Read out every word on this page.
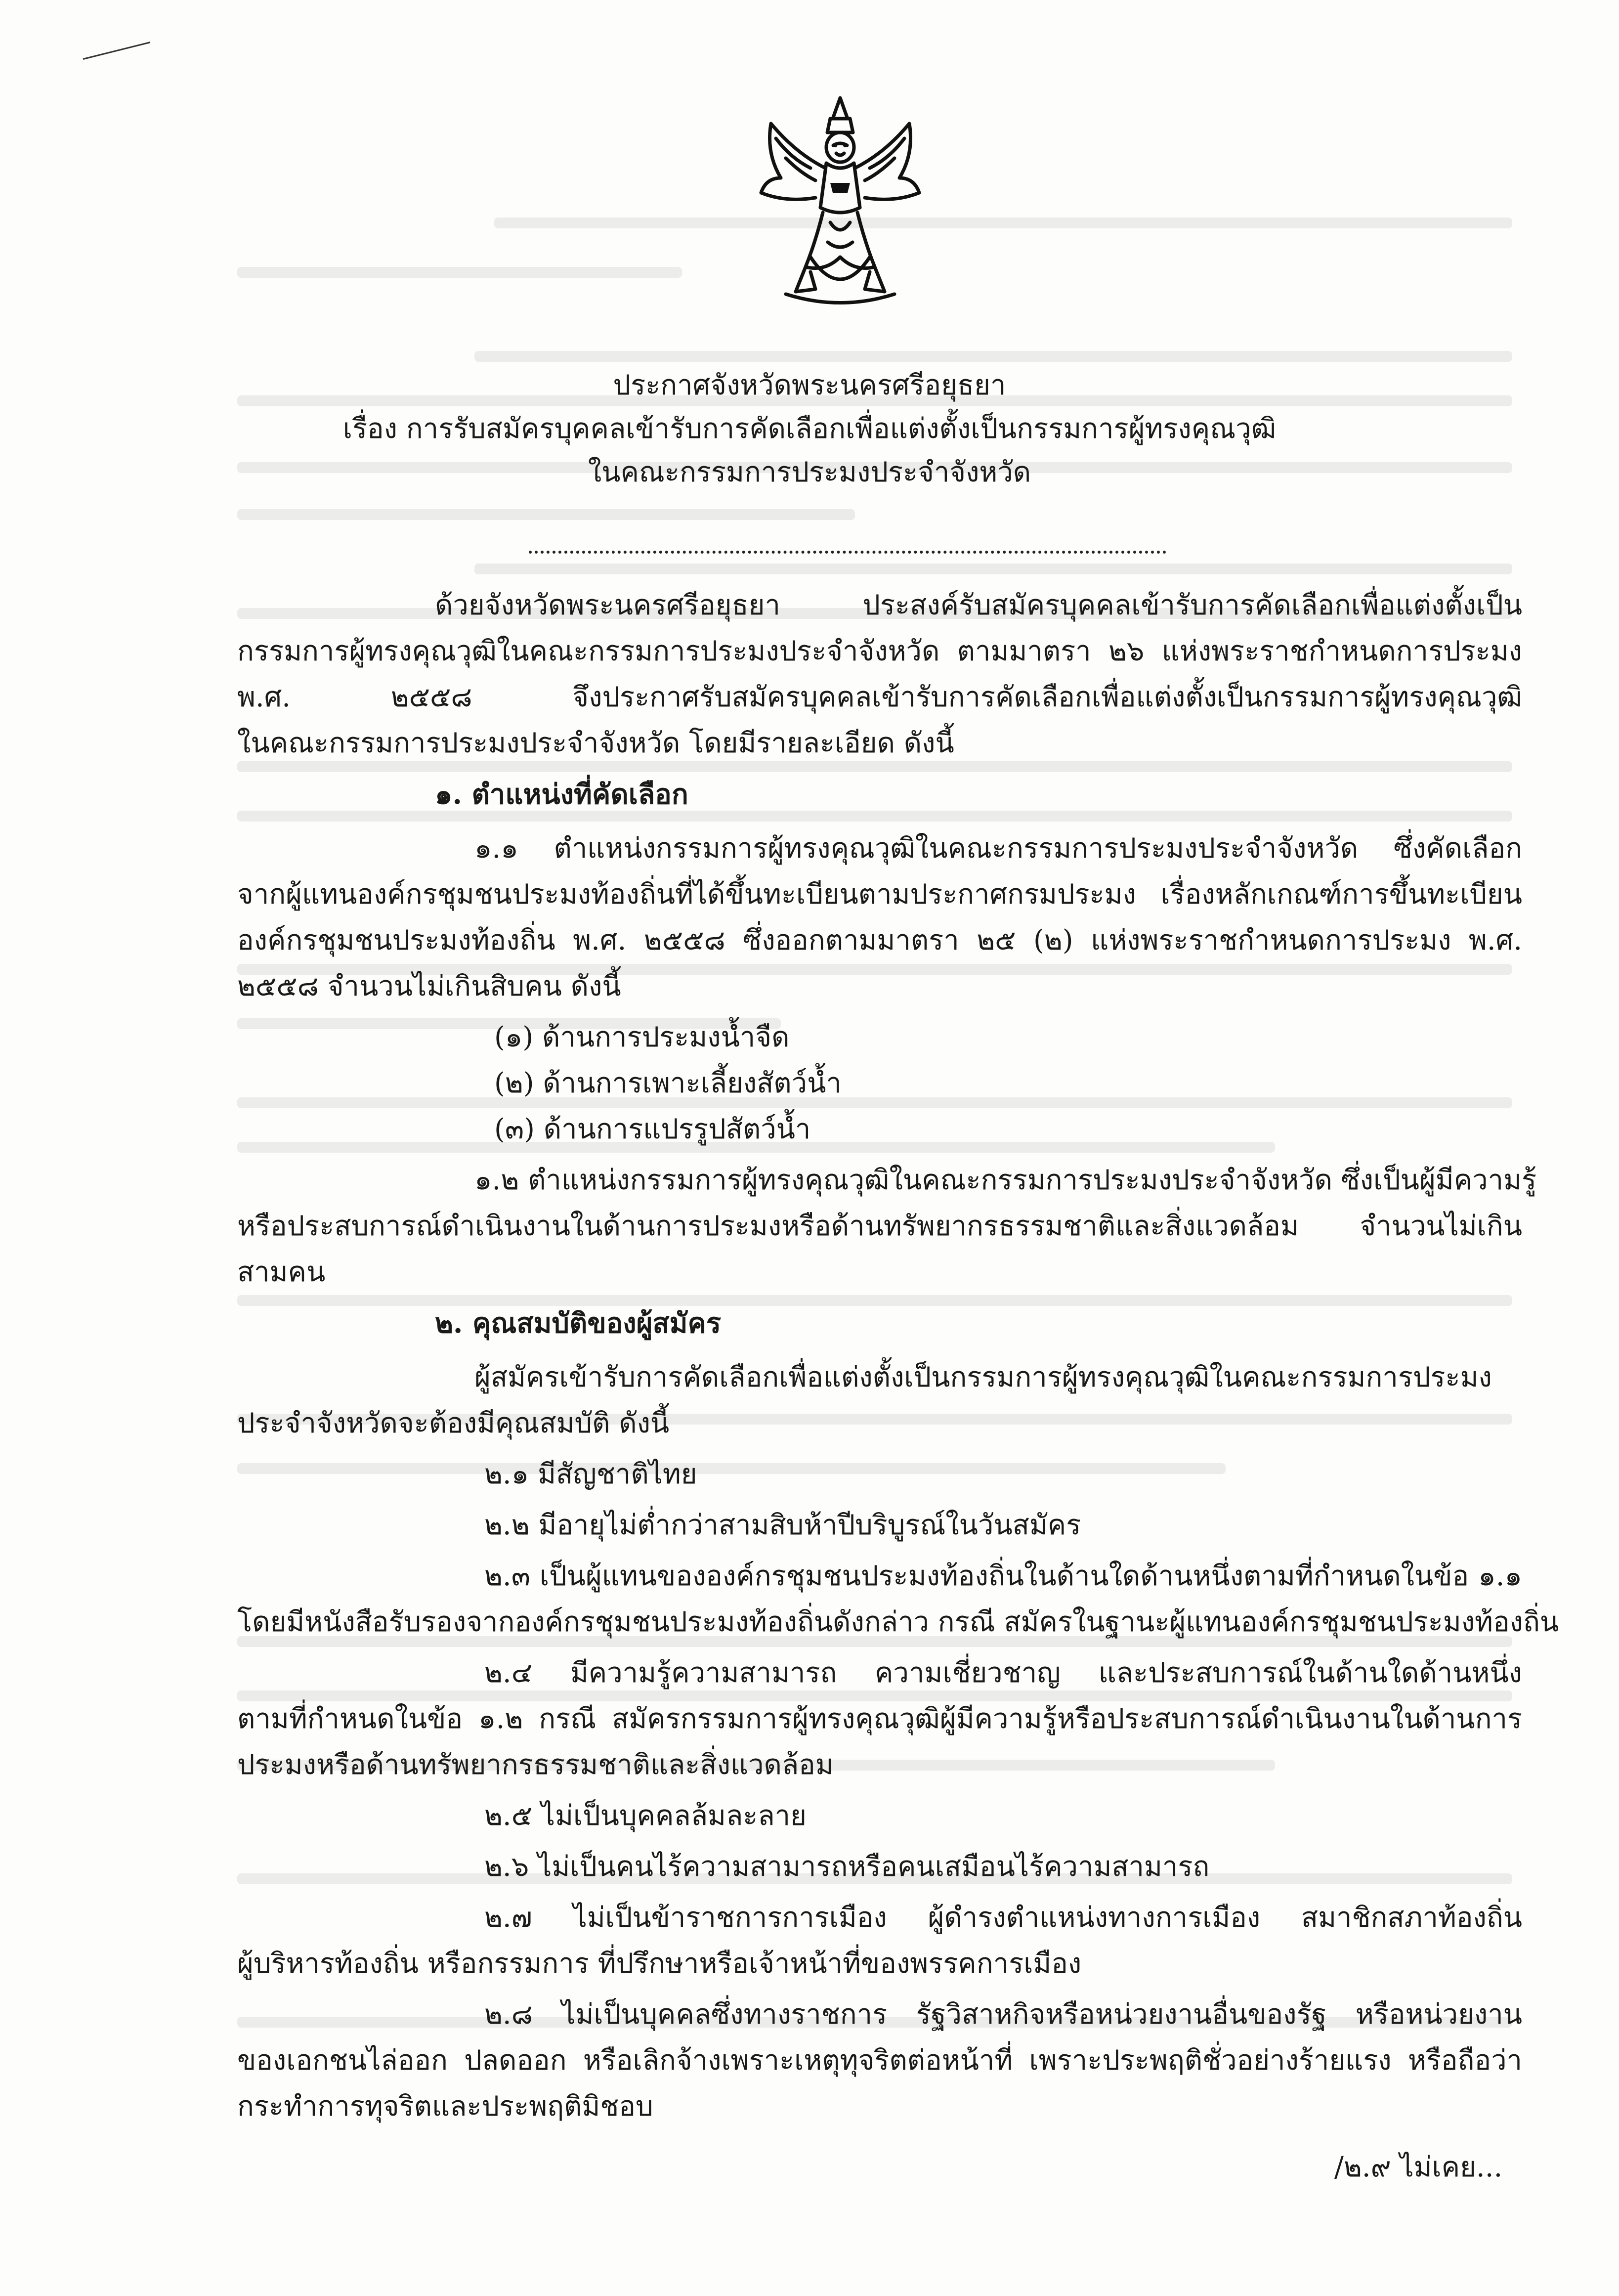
ประกาศจังหวัดพระนครศรีอยุธยา
เรื่อง การรับสมัครบุคคลเข้ารับการคัดเลือกเพื่อแต่งตั้งเป็นกรรมการผู้ทรงคุณวุฒิ
ในคณะกรรมการประมงประจำจังหวัด
ด้วยจังหวัดพระนครศรีอยุธยา ประสงค์รับสมัครบุคคลเข้ารับการคัดเลือกเพื่อแต่งตั้งเป็น
กรรมการผู้ทรงคุณวุฒิในคณะกรรมการประมงประจำจังหวัด ตามมาตรา ๒๖ แห่งพระราชกำหนดการประมง
พ.ศ. ๒๕๕๘ จึงประกาศรับสมัครบุคคลเข้ารับการคัดเลือกเพื่อแต่งตั้งเป็นกรรมการผู้ทรงคุณวุฒิ
ในคณะกรรมการประมงประจำจังหวัด โดยมีรายละเอียด ดังนี้
๑. ตำแหน่งที่คัดเลือก
๑.๑ ตำแหน่งกรรมการผู้ทรงคุณวุฒิในคณะกรรมการประมงประจำจังหวัด ซึ่งคัดเลือก
จากผู้แทนองค์กรชุมชนประมงท้องถิ่นที่ได้ขึ้นทะเบียนตามประกาศกรมประมง เรื่องหลักเกณฑ์การขึ้นทะเบียน
องค์กรชุมชนประมงท้องถิ่น พ.ศ. ๒๕๕๘ ซึ่งออกตามมาตรา ๒๕ (๒) แห่งพระราชกำหนดการประมง พ.ศ.
๒๕๕๘ จำนวนไม่เกินสิบคน ดังนี้
(๑) ด้านการประมงน้ำจืด
(๒) ด้านการเพาะเลี้ยงสัตว์น้ำ
(๓) ด้านการแปรรูปสัตว์น้ำ
๑.๒ ตำแหน่งกรรมการผู้ทรงคุณวุฒิในคณะกรรมการประมงประจำจังหวัด ซึ่งเป็นผู้มีความรู้
หรือประสบการณ์ดำเนินงานในด้านการประมงหรือด้านทรัพยากรธรรมชาติและสิ่งแวดล้อม จำนวนไม่เกิน
สามคน
๒. คุณสมบัติของผู้สมัคร
ผู้สมัครเข้ารับการคัดเลือกเพื่อแต่งตั้งเป็นกรรมการผู้ทรงคุณวุฒิในคณะกรรมการประมง
ประจำจังหวัดจะต้องมีคุณสมบัติ ดังนี้
๒.๑ มีสัญชาติไทย
๒.๒ มีอายุไม่ต่ำกว่าสามสิบห้าปีบริบูรณ์ในวันสมัคร
๒.๓ เป็นผู้แทนขององค์กรชุมชนประมงท้องถิ่นในด้านใดด้านหนึ่งตามที่กำหนดในข้อ ๑.๑
โดยมีหนังสือรับรองจากองค์กรชุมชนประมงท้องถิ่นดังกล่าว กรณี สมัครในฐานะผู้แทนองค์กรชุมชนประมงท้องถิ่น
๒.๔ มีความรู้ความสามารถ ความเชี่ยวชาญ และประสบการณ์ในด้านใดด้านหนึ่ง
ตามที่กำหนดในข้อ ๑.๒ กรณี สมัครกรรมการผู้ทรงคุณวุฒิผู้มีความรู้หรือประสบการณ์ดำเนินงานในด้านการ
ประมงหรือด้านทรัพยากรธรรมชาติและสิ่งแวดล้อม
๒.๕ ไม่เป็นบุคคลล้มละลาย
๒.๖ ไม่เป็นคนไร้ความสามารถหรือคนเสมือนไร้ความสามารถ
๒.๗ ไม่เป็นข้าราชการการเมือง ผู้ดำรงตำแหน่งทางการเมือง สมาชิกสภาท้องถิ่น
ผู้บริหารท้องถิ่น หรือกรรมการ ที่ปรึกษาหรือเจ้าหน้าที่ของพรรคการเมือง
๒.๘ ไม่เป็นบุคคลซึ่งทางราชการ รัฐวิสาหกิจหรือหน่วยงานอื่นของรัฐ หรือหน่วยงาน
ของเอกชนไล่ออก ปลดออก หรือเลิกจ้างเพราะเหตุทุจริตต่อหน้าที่ เพราะประพฤติชั่วอย่างร้ายแรง หรือถือว่า
กระทำการทุจริตและประพฤติมิชอบ
/๒.๙ ไม่เคย...
